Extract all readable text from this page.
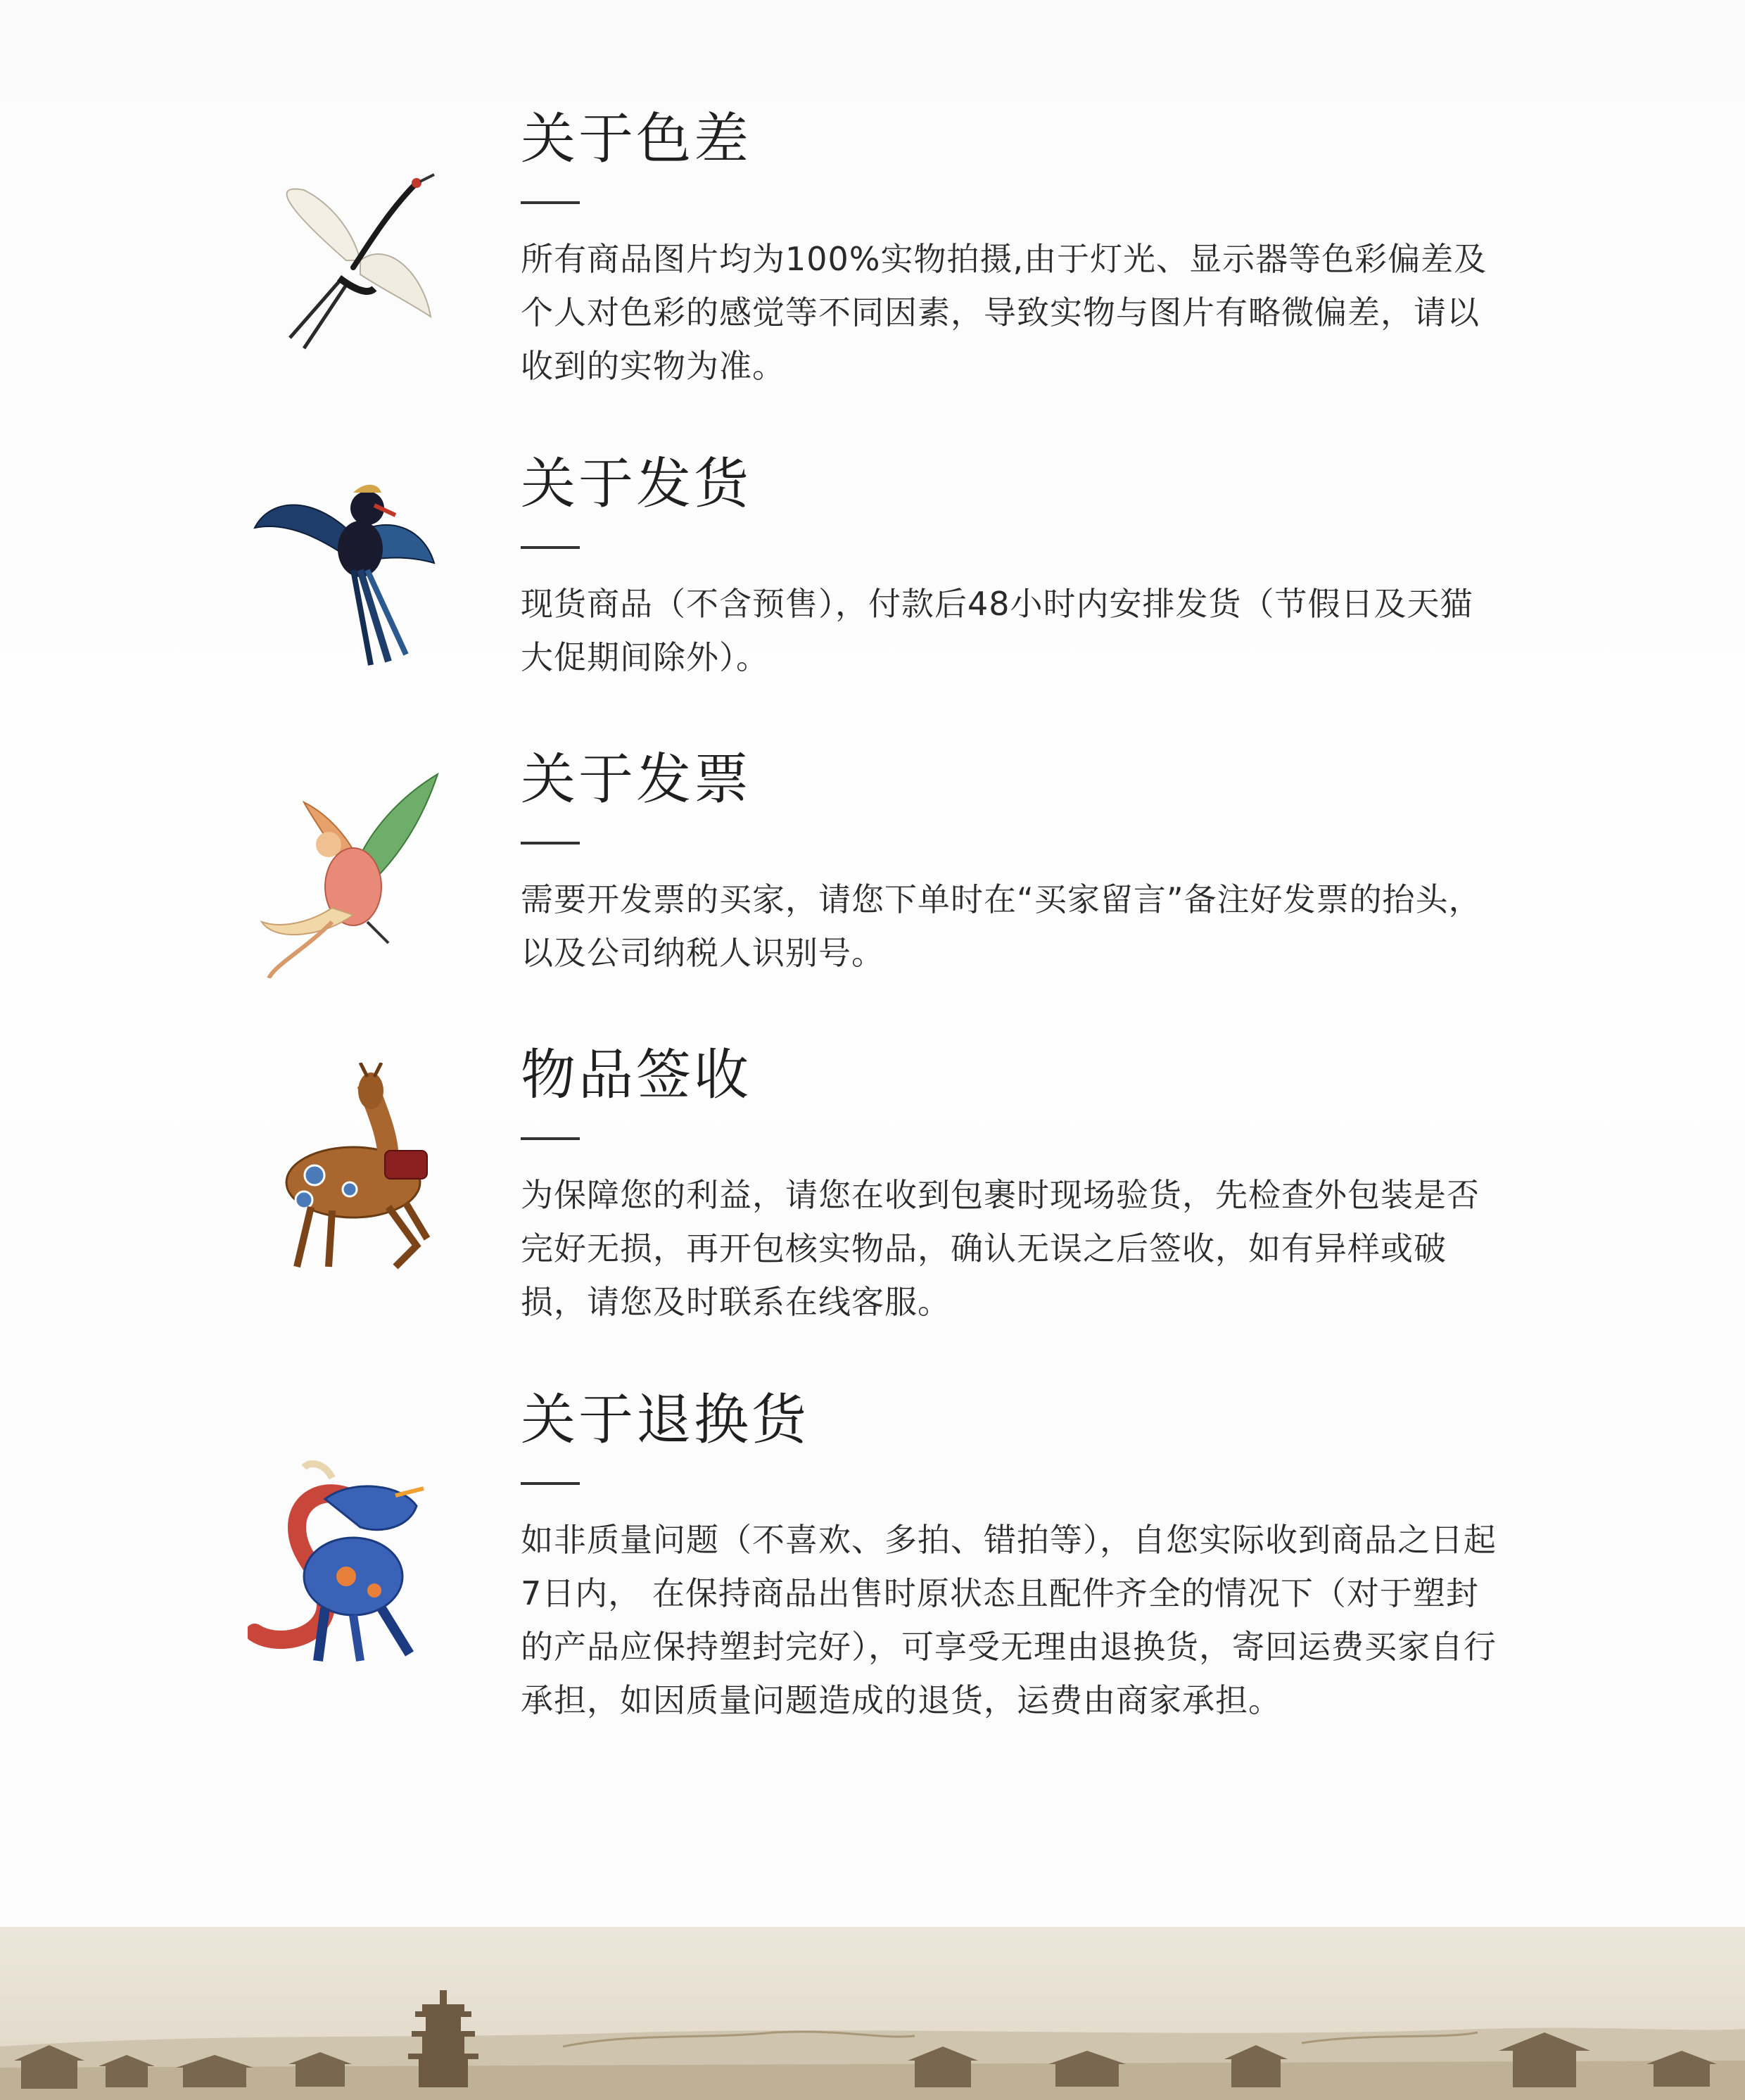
关于色差

所有商品图片均为100%实物拍摄,由于灯光、显示器等色彩偏差及个人对色彩的感觉等不同因素，导致实物与图片有略微偏差，请以收到的实物为准。

关于发货

现货商品（不含预售），付款后48小时内安排发货（节假日及天猫大促期间除外）。

关于发票

需要开发票的买家，请您下单时在“买家留言”备注好发票的抬头，以及公司纳税人识别号。

物品签收

为保障您的利益，请您在收到包裹时现场验货，先检查外包装是否完好无损，再开包核实物品，确认无误之后签收，如有异样或破损，请您及时联系在线客服。

关于退换货

如非质量问题（不喜欢、多拍、错拍等），自您实际收到商品之日起7日内， 在保持商品出售时原状态且配件齐全的情况下（对于塑封的产品应保持塑封完好），可享受无理由退换货，寄回运费买家自行承担，如因质量问题造成的退货，运费由商家承担。
